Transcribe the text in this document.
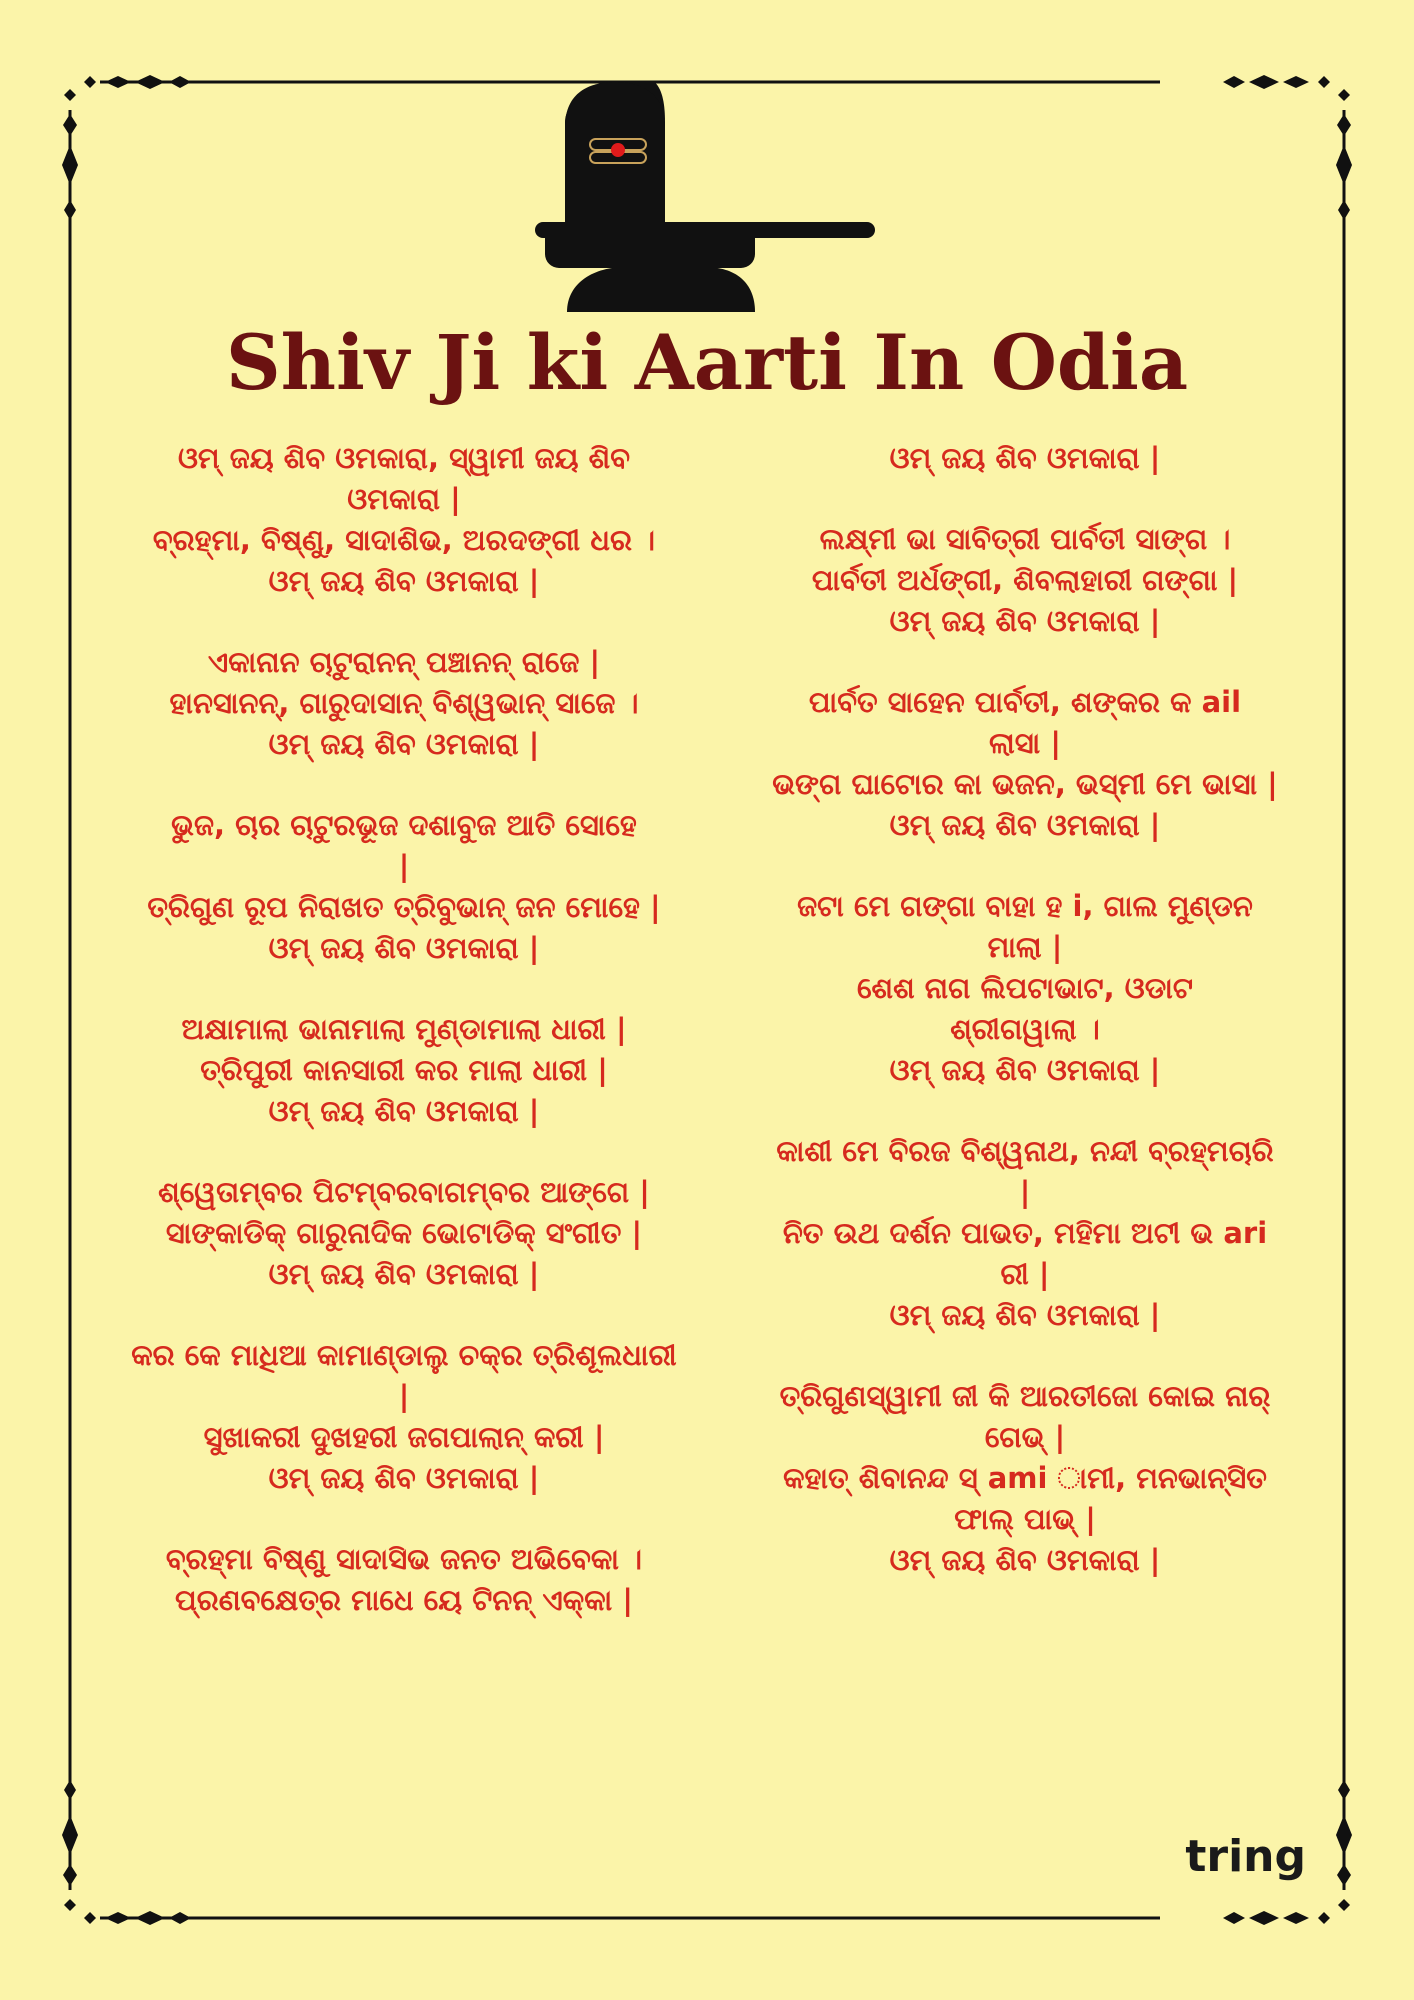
Shiv Ji ki Aarti In Odia
ଓମ୍ ଜୟ ଶିବ ଓମକାରା, ସ୍ୱାମୀ ଜୟ ଶିବ
ଓମକାରା |
ବ୍ରହ୍ମା, ବିଷ୍ଣୁ, ସାଦାଶିଭ, ଅରଦଙ୍ଗୀ ଧର ।
ଓମ୍ ଜୟ ଶିବ ଓମକାରା |
ଏକାନାନ ଚାଟୁରାନନ୍ ପଞ୍ଚାନନ୍ ରାଜେ |
ହାନସାନନ୍, ଗାରୁଦାସାନ୍ ବିଶ୍ୱଭାନ୍ ସାଜେ ।
ଓମ୍ ଜୟ ଶିବ ଓମକାରା |
ଭୁଜ, ଚାର ଚାଟୁରଭୂଜ ଦଶାବୁଜ ଆତି ସୋହେ
|
ତ୍ରିଗୁଣ ରୂପ ନିରାଖତ ତ୍ରିବୁଭାନ୍ ଜନ ମୋହେ |
ଓମ୍ ଜୟ ଶିବ ଓମକାରା |
ଅକ୍ଷାମାଲା ଭାନାମାଲା ମୁଣ୍ଡାମାଲା ଧାରୀ |
ତ୍ରିପୁରୀ କାନସାରୀ କର ମାଲା ଧାରୀ |
ଓମ୍ ଜୟ ଶିବ ଓମକାରା |
ଶ୍ୱେତାମ୍ବର ପିଟମ୍ବରବାଗମ୍ବର ଆଙ୍ଗେ |
ସାଙ୍କାଡିକ୍ ଗାରୁନାଦିକ ଭୋଟାଡିକ୍ ସଂଗୀତ |
ଓମ୍ ଜୟ ଶିବ ଓମକାରା |
କର କେ ମାଧିଆ କାମାଣ୍ଡାଲୁ ଚକ୍ର ତ୍ରିଶୂଲଧାରୀ
|
ସୁଖାକରୀ ଦୁଖହରୀ ଜଗପାଲାନ୍ କରୀ |
ଓମ୍ ଜୟ ଶିବ ଓମକାରା |
ବ୍ରହ୍ମା ବିଷ୍ଣୁ ସାଦାସିଭ ଜନତ ଅଭିବେକା ।
ପ୍ରଣବକ୍ଷେତ୍ର ମାଧେ ୟେ ଟିନନ୍ ଏକ୍କା |
ଓମ୍ ଜୟ ଶିବ ଓମକାରା |
ଲକ୍ଷ୍ମୀ ଭା ସାବିତ୍ରୀ ପାର୍ବତୀ ସାଙ୍ଗ ।
ପାର୍ବତୀ ଅର୍ଧଙ୍ଗୀ, ଶିବଲାହାରୀ ଗଙ୍ଗା |
ଓମ୍ ଜୟ ଶିବ ଓମକାରା |
ପାର୍ବତ ସାହେନ ପାର୍ବତୀ, ଶଙ୍କର କ ail
ଲାସା |
ଭଙ୍ଗ ଘାଟୋର କା ଭଜନ, ଭସ୍ମୀ ମେ ଭାସା |
ଓମ୍ ଜୟ ଶିବ ଓମକାରା |
ଜଟା ମେ ଗଙ୍ଗା ବାହା ହ i, ଗାଲ ମୁଣ୍ଡନ
ମାଲା |
ଶେଶ ନାଗ ଲିପଟାଭାଟ, ଓଡାଟ
ଶ୍ରୀଗୱାଲା ।
ଓମ୍ ଜୟ ଶିବ ଓମକାରା |
କାଶୀ ମେ ବିରଜ ବିଶ୍ୱନାଥ, ନନ୍ଦୀ ବ୍ରହ୍ମଚାରି
|
ନିତ ଉଥ ଦର୍ଶନ ପାଭତ, ମହିମା ଅଟୀ ଭ ari
ରୀ |
ଓମ୍ ଜୟ ଶିବ ଓମକାରା |
ତ୍ରିଗୁଣସ୍ୱାମୀ ଜୀ କି ଆରତୀଜୋ କୋଇ ନାର୍
ଗେଭ୍ |
କହାତ୍ ଶିବାନନ୍ଦ ସ୍ ami ାମୀ, ମନଭାନ୍ସିତ
ଫାଲ୍ ପାଭ୍ |
ଓମ୍ ଜୟ ଶିବ ଓମକାରା |
tring
